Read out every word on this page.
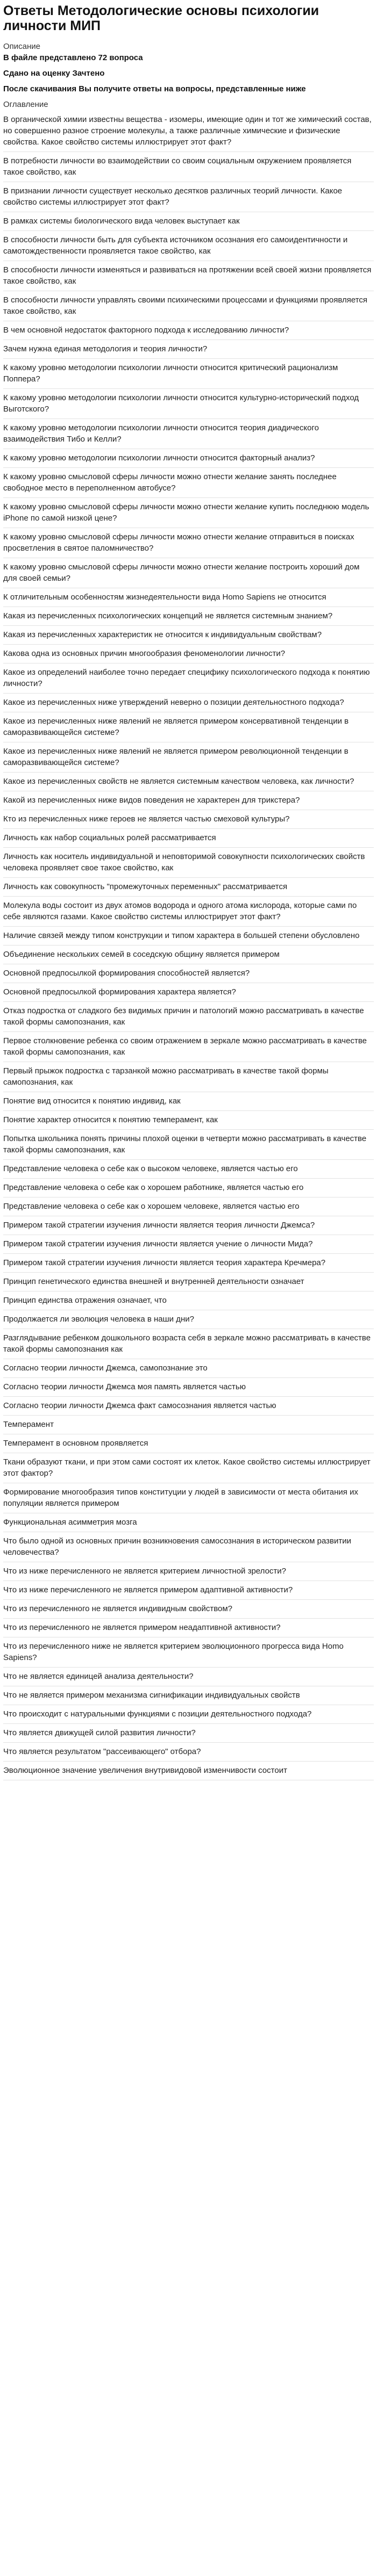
Ответы Методологические основы психологии личности МИП
Описание
В файле представлено 72 вопроса
Сдано на оценку Зачтено
После скачивания Вы получите ответы на вопросы, представленные ниже
Оглавление
В органической химии известны вещества - изомеры, имеющие один и тот же химический состав, но совершенно разное строение молекулы, а также различные химические и физические свойства. Какое свойство системы иллюстрирует этот факт?
В потребности личности во взаимодействии со своим социальным окружением проявляется такое свойство, как
В признании личности существует несколько десятков различных теорий личности. Какое свойство системы иллюстрирует этот факт?
В рамках системы биологического вида человек выступает как
В способности личности быть для субъекта источником осознания его самоидентичности и самотождественности проявляется такое свойство, как
В способности личности изменяться и развиваться на протяжении всей своей жизни проявляется такое свойство, как
В способности личности управлять своими психическими процессами и функциями проявляется такое свойство, как
В чем основной недостаток факторного подхода к исследованию личности?
Зачем нужна единая методология и теория личности?
К какому уровню методологии психологии личности относится критический рационализм Поппера?
К какому уровню методологии психологии личности относится культурно-исторический подход Выготского?
К какому уровню методологии психологии личности относится теория диадического взаимодействия Тибо и Келли?
К какому уровню методологии психологии личности относится факторный анализ?
К какому уровню смысловой сферы личности можно отнести желание занять последнее свободное место в переполненном автобусе?
К какому уровню смысловой сферы личности можно отнести желание купить последнюю модель iPhone по самой низкой цене?
К какому уровню смысловой сферы личности можно отнести желание отправиться в поисках просветления в святое паломничество?
К какому уровню смысловой сферы личности можно отнести желание построить хороший дом для своей семьи?
К отличительным особенностям жизнедеятельности вида Homo Sapiens не относится
Какая из перечисленных психологических концепций не является системным знанием?
Какая из перечисленных характеристик не относится к индивидуальным свойствам?
Какова одна из основных причин многообразия феноменологии личности?
Какое из определений наиболее точно передает специфику психологического подхода к понятию личности?
Какое из перечисленных ниже утверждений неверно о позиции деятельностного подхода?
Какое из перечисленных ниже явлений не является примером консервативной тенденции в саморазвивающейся системе?
Какое из перечисленных ниже явлений не является примером революционной тенденции в саморазвивающейся системе?
Какое из перечисленных свойств не является системным качеством человека, как личности?
Какой из перечисленных ниже видов поведения не характерен для трикстера?
Кто из перечисленных ниже героев не является частью смеховой культуры?
Личность как набор социальных ролей рассматривается
Личность как носитель индивидуальной и неповторимой совокупности психологических свойств человека проявляет свое такое свойство, как
Личность как совокупность "промежуточных переменных" рассматривается
Молекула воды состоит из двух атомов водорода и одного атома кислорода, которые сами по себе являются газами. Какое свойство системы иллюстрирует этот факт?
Наличие связей между типом конструкции и типом характера в большей степени обусловлено
Объединение нескольких семей в соседскую общину является примером
Основной предпосылкой формирования способностей является?
Основной предпосылкой формирования характера является?
Отказ подростка от сладкого без видимых причин и патологий можно рассматривать в качестве такой формы самопознания, как
Первое столкновение ребенка со своим отражением в зеркале можно рассматривать в качестве такой формы самопознания, как
Первый прыжок подростка с тарзанкой можно рассматривать в качестве такой формы самопознания, как
Понятие вид относится к понятию индивид, как
Понятие характер относится к понятию темперамент, как
Попытка школьника понять причины плохой оценки в четверти можно рассматривать в качестве такой формы самопознания, как
Представление человека о себе как о высоком человеке, является частью его
Представление человека о себе как о хорошем работнике, является частью его
Представление человека о себе как о хорошем человеке, является частью его
Примером такой стратегии изучения личности является теория личности Джемса?
Примером такой стратегии изучения личности является учение о личности Мида?
Примером такой стратегии изучения личности является теория характера Кречмера?
Принцип генетического единства внешней и внутренней деятельности означает
Принцип единства отражения означает, что
Продолжается ли эволюция человека в наши дни?
Разглядывание ребенком дошкольного возраста себя в зеркале можно рассматривать в качестве такой формы самопознания как
Согласно теории личности Джемса, самопознание это
Согласно теории личности Джемса моя память является частью
Согласно теории личности Джемса факт самосознания является частью
Темперамент
Темперамент в основном проявляется
Ткани образуют ткани, и при этом сами состоят их клеток. Какое свойство системы иллюстрирует этот фактор?
Формирование многообразия типов конституции у людей в зависимости от места обитания их популяции является примером
Функциональная асимметрия мозга
Что было одной из основных причин возникновения самосознания в историческом развитии человечества?
Что из ниже перечисленного не является критерием личностной зрелости?
Что из ниже перечисленного не является примером адаптивной активности?
Что из перечисленного не является индивидным свойством?
Что из перечисленного не является примером неадаптивной активности?
Что из перечисленного ниже не является критерием эволюционного прогресса вида Homo Sapiens?
Что не является единицей анализа деятельности?
Что не является примером механизма сигнификации индивидуальных свойств
Что происходит с натуральными функциями с позиции деятельностного подхода?
Что является движущей силой развития личности?
Что является результатом "рассеивающего" отбора?
Эволюционное значение увеличения внутривидовой изменчивости состоит
